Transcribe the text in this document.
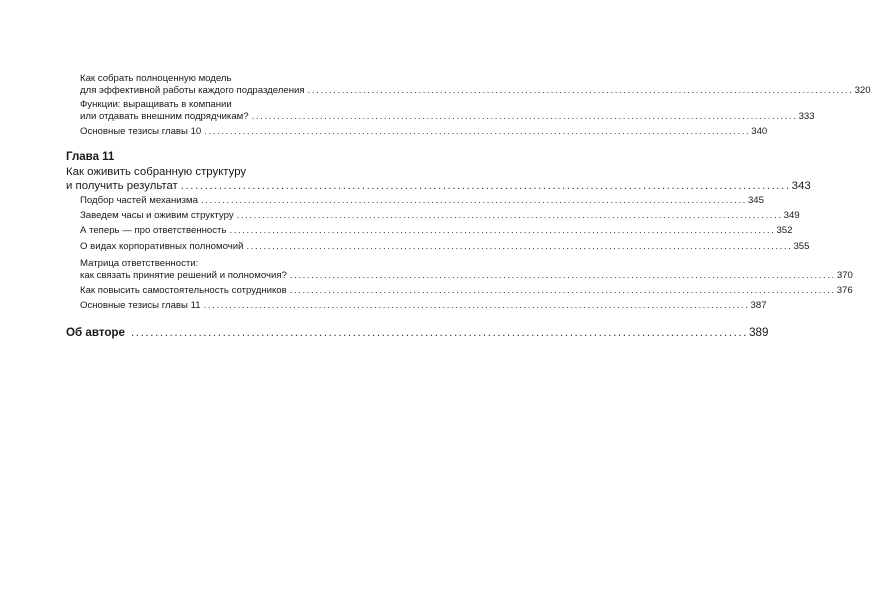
Как собрать полноценную модель
для эффективной работы каждого подразделения ................................................................................................................................ 320
Функции: выращивать в компании
или отдавать внешним подрядчикам? ................................................................................................................................ 333
Основные тезисы главы 10 ................................................................................................................................ 340
Глава 11
Как оживить собранную структуру
и получить результат ................................................................................................................................ 343
Подбор частей механизма ................................................................................................................................ 345
Заведем часы и оживим структуру ................................................................................................................................ 349
А теперь — про ответственность ................................................................................................................................ 352
О видах корпоративных полномочий ................................................................................................................................ 355
Матрица ответственности:
как связать принятие решений и полномочия? ................................................................................................................................ 370
Как повысить самостоятельность сотрудников ................................................................................................................................ 376
Основные тезисы главы 11 ................................................................................................................................ 387
Об авторе ................................................................................................................................ 389
